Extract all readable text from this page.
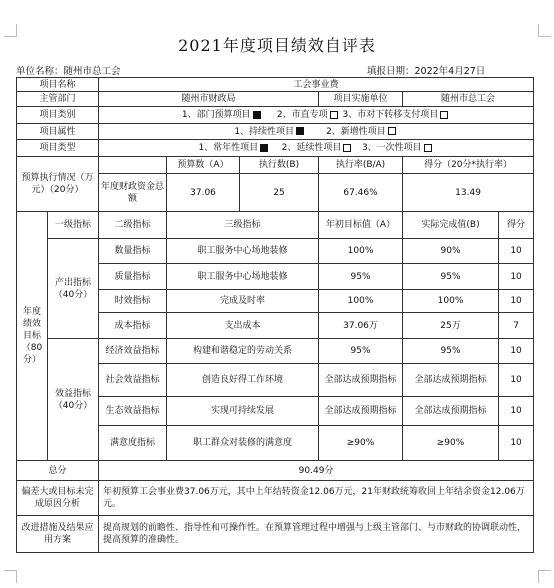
2021年度项目绩效自评表
单位名称：随州市总工会	填报日期：2022年4月27日
项目名称		工会事业费					
主管部门		随州市财政局			项目实施单位	随州市总工会	
项目类别		1、部门预算项目 2、市直专项 3、市对下转移支付项目					
项目属性		1、持续性项目 2、新增性项目					
项目类型		1、常年性项目 2、延续性项目 3、一次性项目					
预算执行情况（万元）（20分）			预算数（A）	执行数(B)	执行率(B/A)	得分（20分*执行率）	
		年度财政资金总额	37.06	25	67.46%	13.49	
年度绩效目标（80分）	一级指标	二级指标	三级指标		年初目标值（A）	实际完成值(B)	得分
	产出指标（40分）	数量指标	职工服务中心场地装修		100%	90%	10
		质量指标	职工服务中心场地装修		95%	95%	10
		时效指标	完成及时率		100%	100%	10
		成本指标	支出成本		37.06万	25万	7
	效益指标（40分）	经济效益指标	构建和谐稳定的劳动关系		95%	95%	10
		社会效益指标	创造良好得工作环境		全部达成预期指标	全部达成预期指标	10
		生态效益指标	实现可持续发展		全部达成预期指标	全部达成预期指标	10
		满意度指标	职工群众对装修的满意度		≥90%	≥90%	10
总分		90.49分					
偏差大或目标未完成原因分析		年初预算工会事业费37.06万元，其中上年结转资金12.06万元，21年财政统筹收回上年结余资金12.06万元。					
改进措施及结果应用方案		提高规划的前瞻性、指导性和可操作性。在预算管理过程中增强与上级主管部门、与市财政的协调联动性，提高预算的准确性。					
